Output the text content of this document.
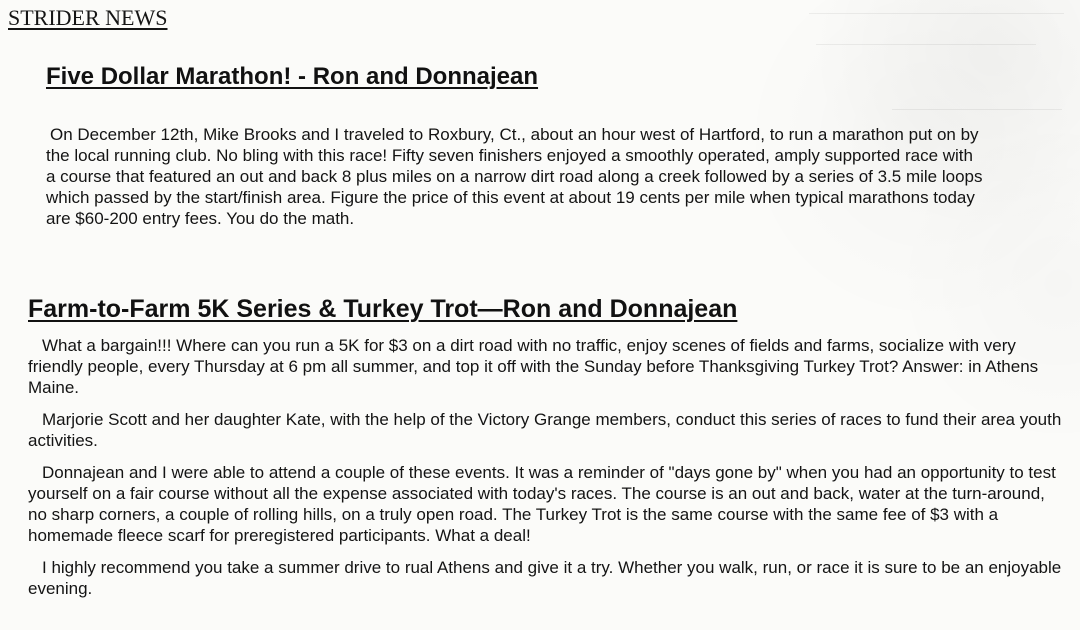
STRIDER NEWS
Five Dollar Marathon! - Ron and Donnajean

On December 12th, Mike Brooks and I traveled to Roxbury, Ct., about an hour west of Hartford, to run a marathon put on by the local running club. No bling with this race! Fifty seven finishers enjoyed a smoothly operated, amply supported race with a course that featured an out and back 8 plus miles on a narrow dirt road along a creek followed by a series of 3.5 mile loops which passed by the start/finish area. Figure the price of this event at about 19 cents per mile when typical marathons today are $60-200 entry fees. You do the math.

Farm-to-Farm 5K Series & Turkey Trot—Ron and Donnajean

What a bargain!!! Where can you run a 5K for $3 on a dirt road with no traffic, enjoy scenes of fields and farms, socialize with very friendly people, every Thursday at 6 pm all summer, and top it off with the Sunday before Thanksgiving Turkey Trot? Answer: in Athens Maine.

Marjorie Scott and her daughter Kate, with the help of the Victory Grange members, conduct this series of races to fund their area youth activities.

Donnajean and I were able to attend a couple of these events. It was a reminder of "days gone by" when you had an opportunity to test yourself on a fair course without all the expense associated with today's races. The course is an out and back, water at the turn-around, no sharp corners, a couple of rolling hills, on a truly open road. The Turkey Trot is the same course with the same fee of $3 with a homemade fleece scarf for preregistered participants. What a deal!

I highly recommend you take a summer drive to rual Athens and give it a try. Whether you walk, run, or race it is sure to be an enjoyable evening.
